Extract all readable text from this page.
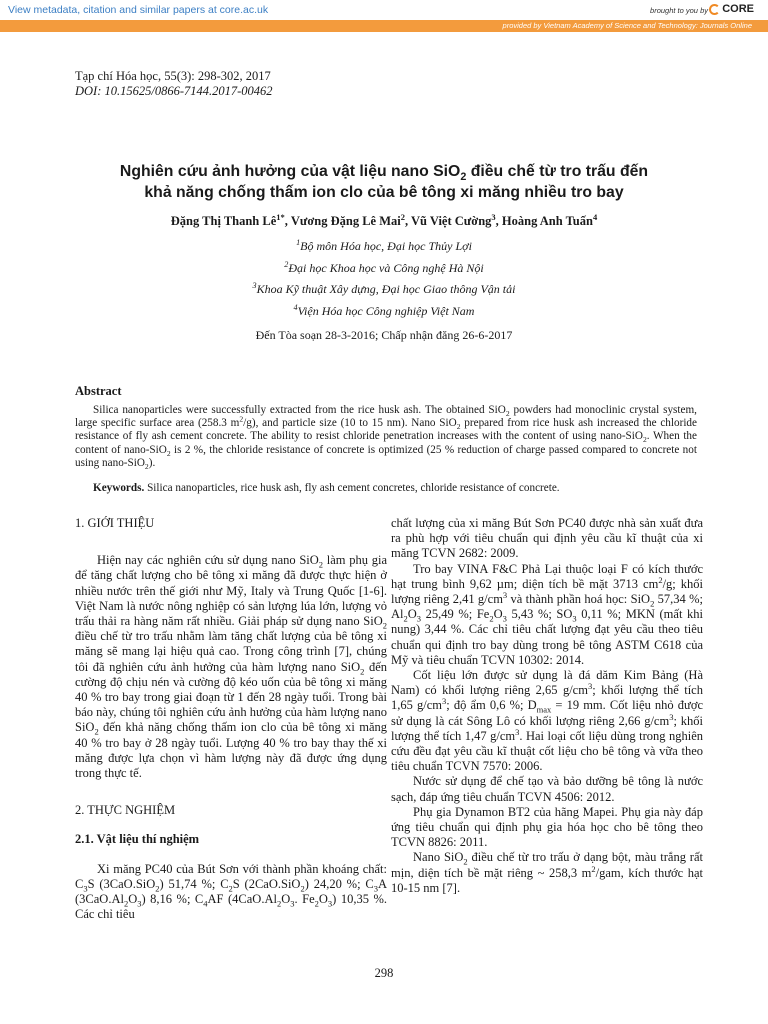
View metadata, citation and similar papers at core.ac.uk	brought to you by CORE
provided by Vietnam Academy of Science and Technology: Journals Online
Tạp chí Hóa học, 55(3): 298-302, 2017
DOI: 10.15625/0866-7144.2017-00462
Nghiên cứu ảnh hưởng của vật liệu nano SiO$_2$ điều chế từ tro trấu đến
khả năng chống thấm ion clo của bê tông xi măng nhiều tro bay
Đặng Thị Thanh $Lê^{1*}$, Vương Đặng Lê Mai$^2$, Vũ Việt Cường$^3$, Hoàng Anh Tuấn$^4$
$^1$Bộ môn Hóa học, Đại học Thủy Lợi
$^2$Đại học Khoa học và Công nghệ Hà Nội
$^3$Khoa Kỹ thuật Xây dựng, Đại học Giao thông Vận tải
$^4$Viện Hóa học Công nghiệp Việt Nam
Đến Tòa soạn 28-3-2016; Chấp nhận đăng 26-6-2017
Abstract

Silica nanoparticles were successfully extracted from the rice husk ash. The obtained SiO$_2$ powders had monoclinic crystal system, large specific surface area (258.3 $m^2/g$), and particle size (10 to 15 nm). Nano SiO$_2$ prepared from rice husk ash increased the chloride resistance of fly ash cement concrete. The ability to resist chloride penetration increases with the content of using nano-SiO$_2$. When the content of nano-SiO$_2$ is 2 %, the chloride resistance of concrete is optimized (25 % reduction of charge passed compared to concrete not using nano-SiO$_2$).

Keywords. Silica nanoparticles, rice husk ash, fly ash cement concretes, chloride resistance of concrete.

1. GIỚI THIỆU

Hiện nay các nghiên cứu sử dụng nano SiO$_2$ làm phụ gia để tăng chất lượng cho bê tông xi măng đã được thực hiện ở nhiều nước trên thế giới như Mỹ, Italy và Trung Quốc [1-6]. Việt Nam là nước nông nghiệp có sản lượng lúa lớn, lượng vỏ trấu thải ra hàng năm rất nhiều. Giải pháp sử dụng nano SiO$_2$ điều chế từ tro trấu nhằm làm tăng chất lượng của bê tông xi măng sẽ mang lại hiệu quả cao. Trong công trình [7], chúng tôi đã nghiên cứu ảnh hưởng của hàm lượng nano SiO$_2$ đến cường độ chịu nén và cường độ kéo uốn của bê tông xi măng 40 % tro bay trong giai đoạn từ 1 đến 28 ngày tuổi. Trong bài báo này, chúng tôi nghiên cứu ảnh hưởng của hàm lượng nano SiO$_2$ đến khả năng chống thấm ion clo của bê tông xi măng 40 % tro bay ở 28 ngày tuổi. Lượng 40 % tro bay thay thế xi măng được lựa chọn vì hàm lượng này đã được ứng dụng trong thực tế.

2. THỰC NGHIỆM

2.1. Vật liệu thí nghiệm

Xi măng PC40 của Bút Sơn với thành phần khoáng chất: $C_3S$ (3CaO.SiO$_2$) 51,74 %; $C_2S$ (2CaO.SiO$_2$) 24,20 %; $C_3A$ $(3CaO.Al_2O_3)$ 8,16 %; $C_4AF$ ($4CaO.Al_2O_3$. $Fe_2O_3$) 10,35 %. Các chỉ tiêu

chất lượng của xi măng Bút Sơn PC40 được nhà sản xuất đưa ra phù hợp với tiêu chuẩn qui định yêu cầu kĩ thuật của xi măng TCVN 2682: 2009.

Tro bay VINA F&C Phả Lại thuộc loại F có kích thước hạt trung bình 9,62 µm; diện tích bề mặt 3713 $cm^2/g$; khối lượng riêng 2,41 $g/cm^3$ và thành phần hoá học: SiO$_2$ 57,34 %; $Al_2O_3$ 25,49 %; $Fe_2O_3$ 5,43 %; $SO_3$ 0,11 %; MKN (mất khi nung) 3,44 %. Các chỉ tiêu chất lượng đạt yêu cầu theo tiêu chuẩn qui định tro bay dùng trong bê tông ASTM C618 của Mỹ và tiêu chuẩn TCVN 10302: 2014.

Cốt liệu lớn được sử dụng là đá dăm Kim Bảng (Hà Nam) có khối lượng riêng 2,65 $g/cm^3$; khối lượng thể tích 1,65 $g/cm^3$; độ ẩm 0,6 %; $D_{max} = 19$ mm. Cốt liệu nhỏ được sử dụng là cát Sông Lô có khối lượng riêng 2,66 $g/cm^3$; khối lượng thể tích 1,47 $g/cm^3$. Hai loại cốt liệu dùng trong nghiên cứu đều đạt yêu cầu kĩ thuật cốt liệu cho bê tông và vữa theo tiêu chuẩn TCVN 7570: 2006.

Nước sử dụng để chế tạo và bảo dưỡng bê tông là nước sạch, đáp ứng tiêu chuẩn TCVN 4506: 2012.

Phụ gia Dynamon BT2 của hãng Mapei. Phụ gia này đáp ứng tiêu chuẩn qui định phụ gia hóa học cho bê tông theo TCVN 8826: 2011.

Nano SiO$_2$ điều chế từ tro trấu ở dạng bột, màu trắng rất mịn, diện tích bề mặt riêng ~ 258,3 $m^2$/gam, kích thước hạt 10-15 nm [7].

298
